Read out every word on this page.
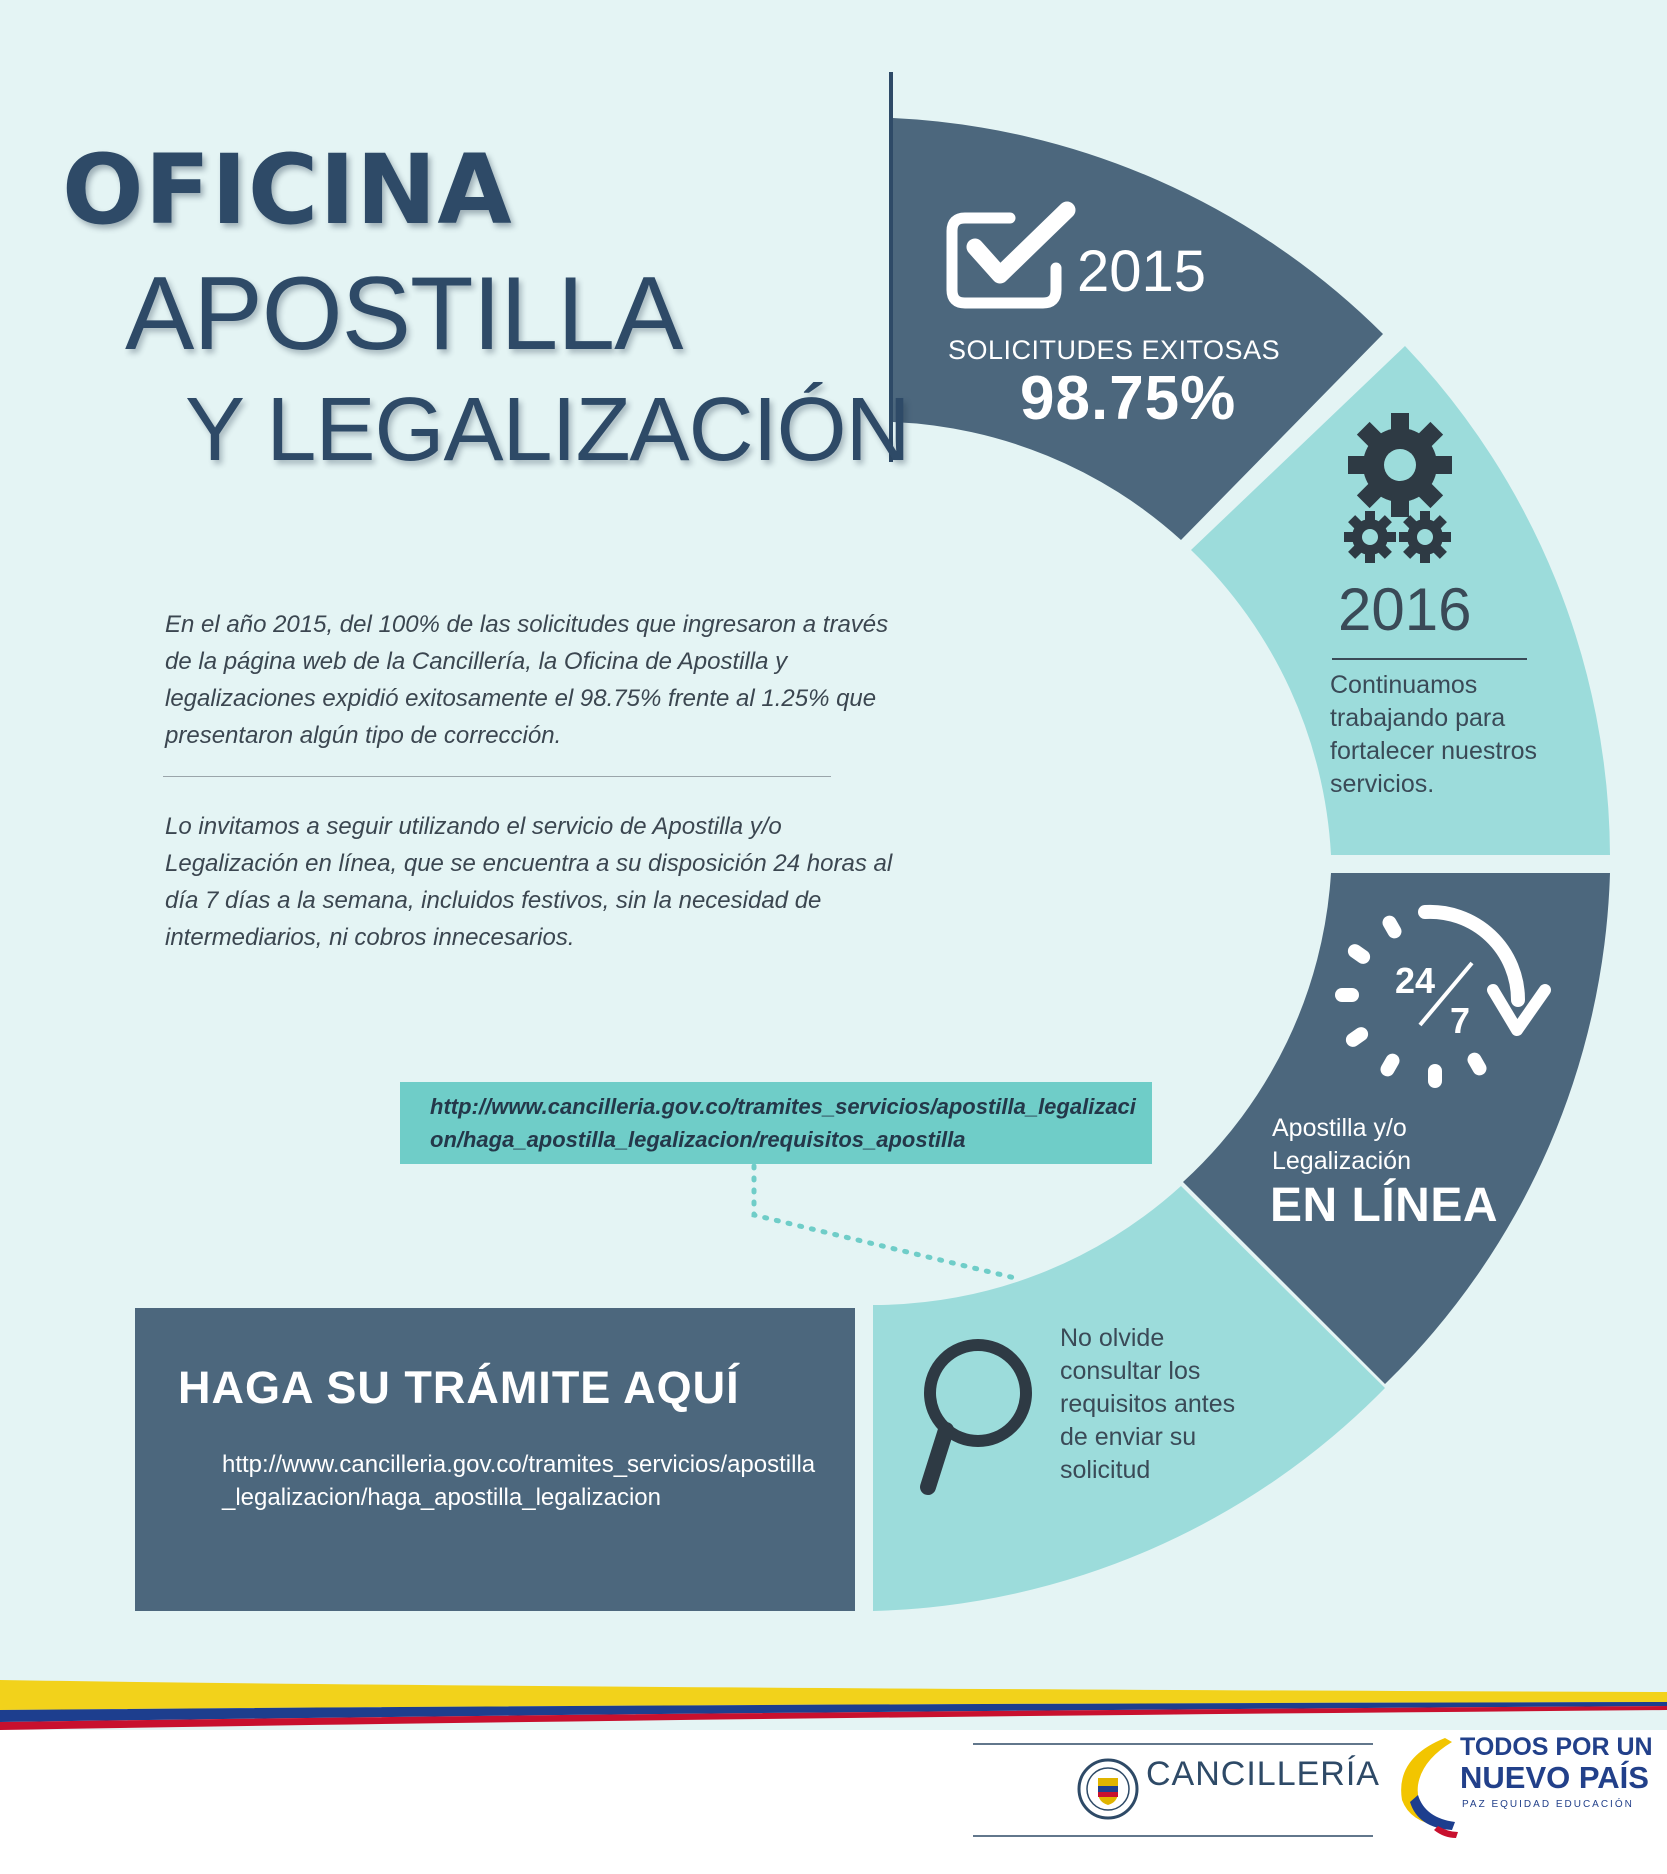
24
7
OFICINA
APOSTILLA
Y LEGALIZACIÓN
En el año 2015, del 100% de las solicitudes que ingresaron a través de la página web de la Cancillería, la Oficina de Apostilla y legalizaciones expidió exitosamente el 98.75% frente al 1.25% que presentaron algún tipo de corrección.
Lo invitamos a seguir utilizando el servicio de Apostilla y/o Legalización en línea, que se encuentra a su disposición 24 horas al día 7 días a la semana, incluidos festivos, sin la necesidad de intermediarios, ni cobros innecesarios.
http://www.cancilleria.gov.co/tramites_servicios/apostilla_legalizacion/haga_apostilla_legalizacion/requisitos_apostilla
HAGA SU TRÁMITE AQUÍ
http://www.cancilleria.gov.co/tramites_servicios/apostilla_legalizacion/haga_apostilla_legalizacion
2015
SOLICITUDES EXITOSAS
98.75%
2016
Continuamos trabajando para fortalecer nuestros servicios.
Apostilla y/o Legalización
EN LÍNEA
No olvide consultar los requisitos antes de enviar su solicitud
CANCILLERÍA
TODOS POR UN
NUEVO PAÍS
PAZ EQUIDAD EDUCACIÓN
